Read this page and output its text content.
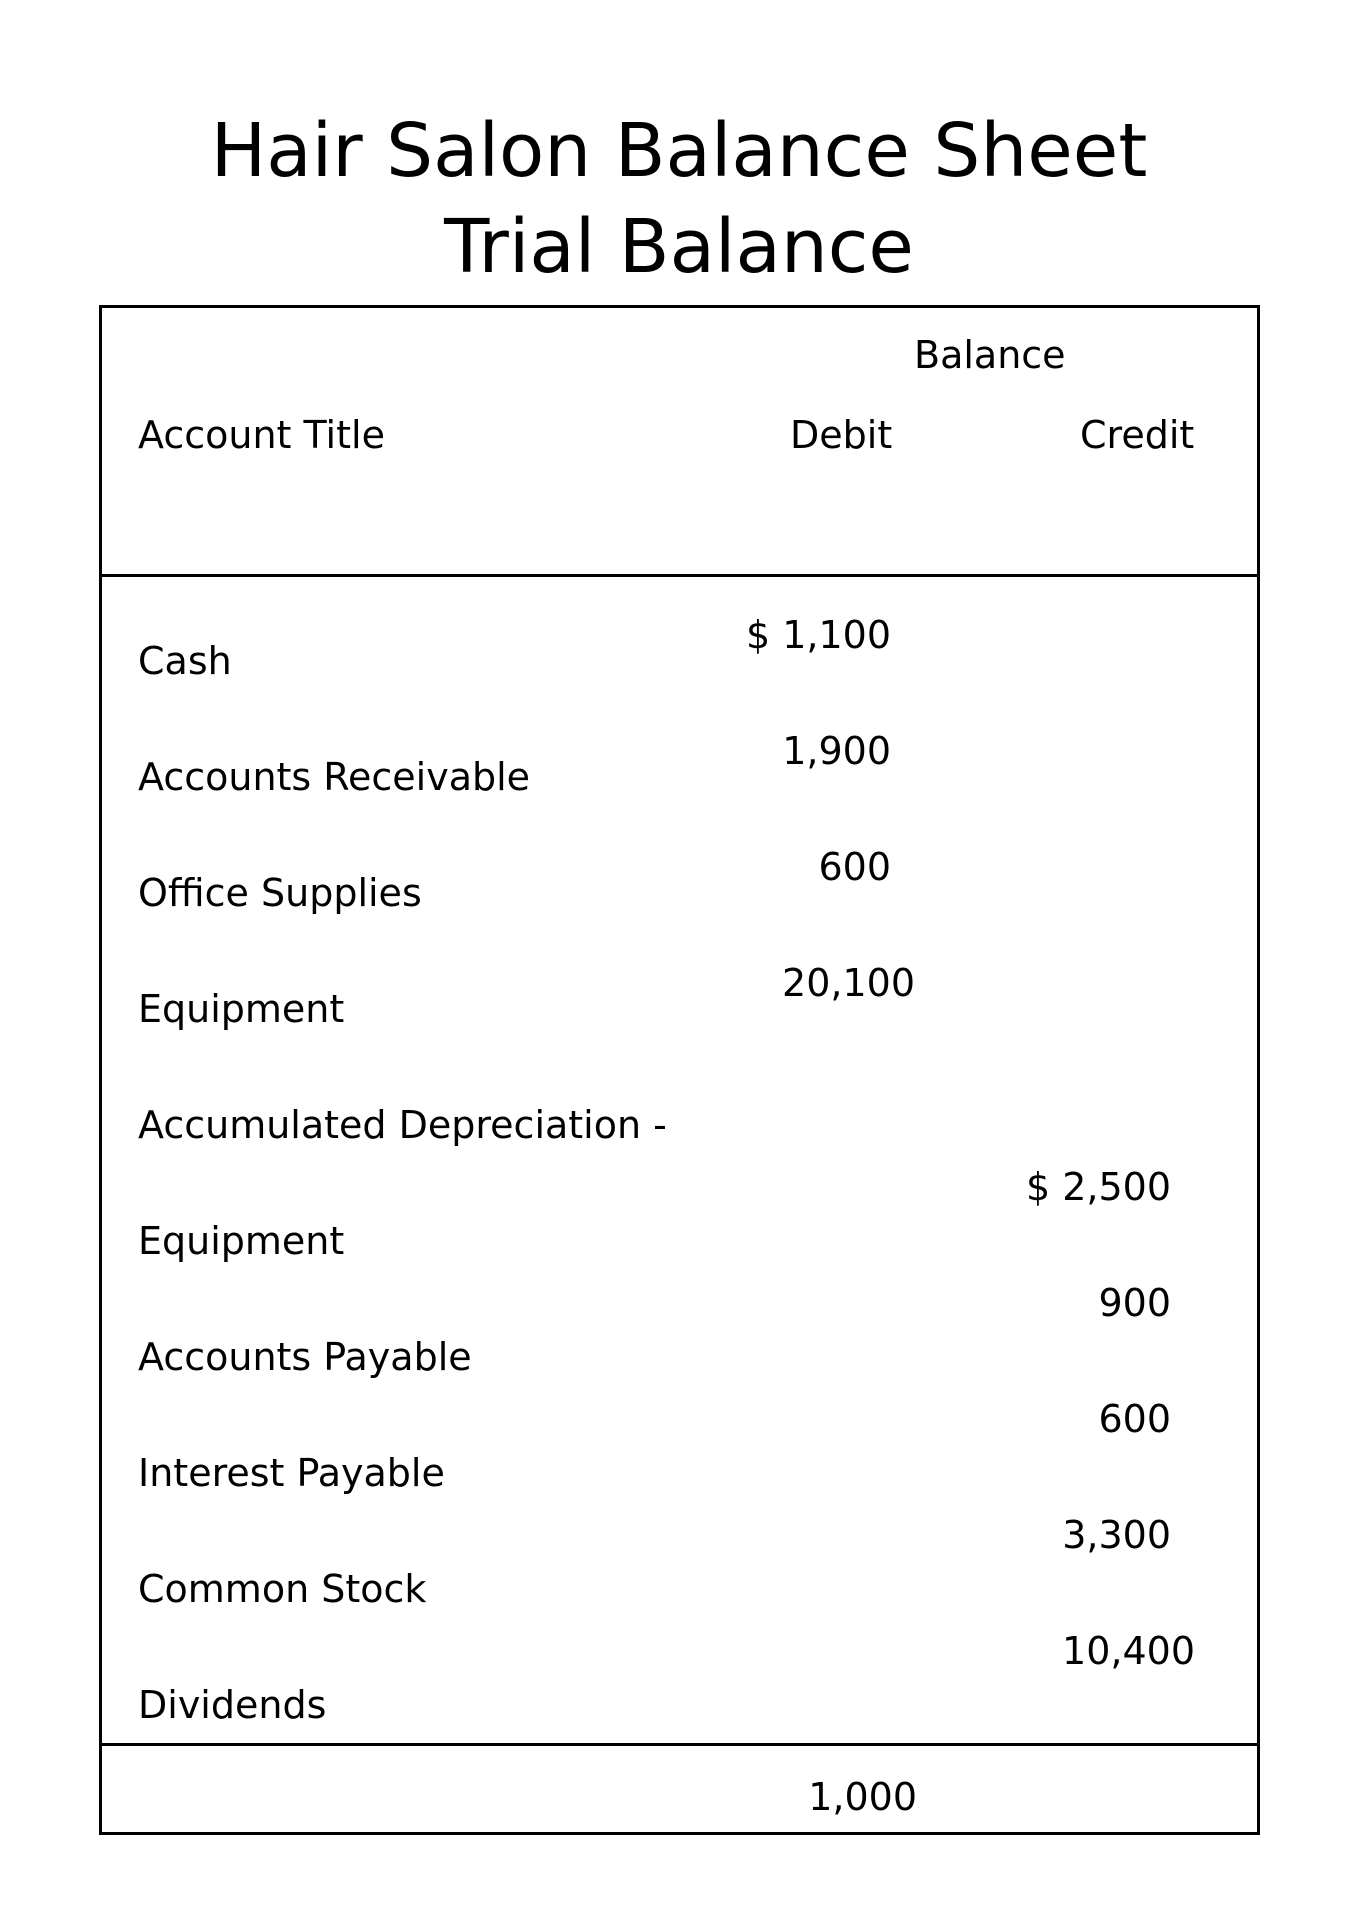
Hair Salon Balance Sheet
Trial Balance
Balance
Account Title	Debit	Credit
Cash
Accounts Receivable
Office Supplies
Equipment
Accumulated Depreciation -
Equipment
Accounts Payable
Interest Payable
Common Stock
Dividends
$ 1,100
1,900
600
20,100
$ 2,500
900
600
3,300
10,400
1,000
